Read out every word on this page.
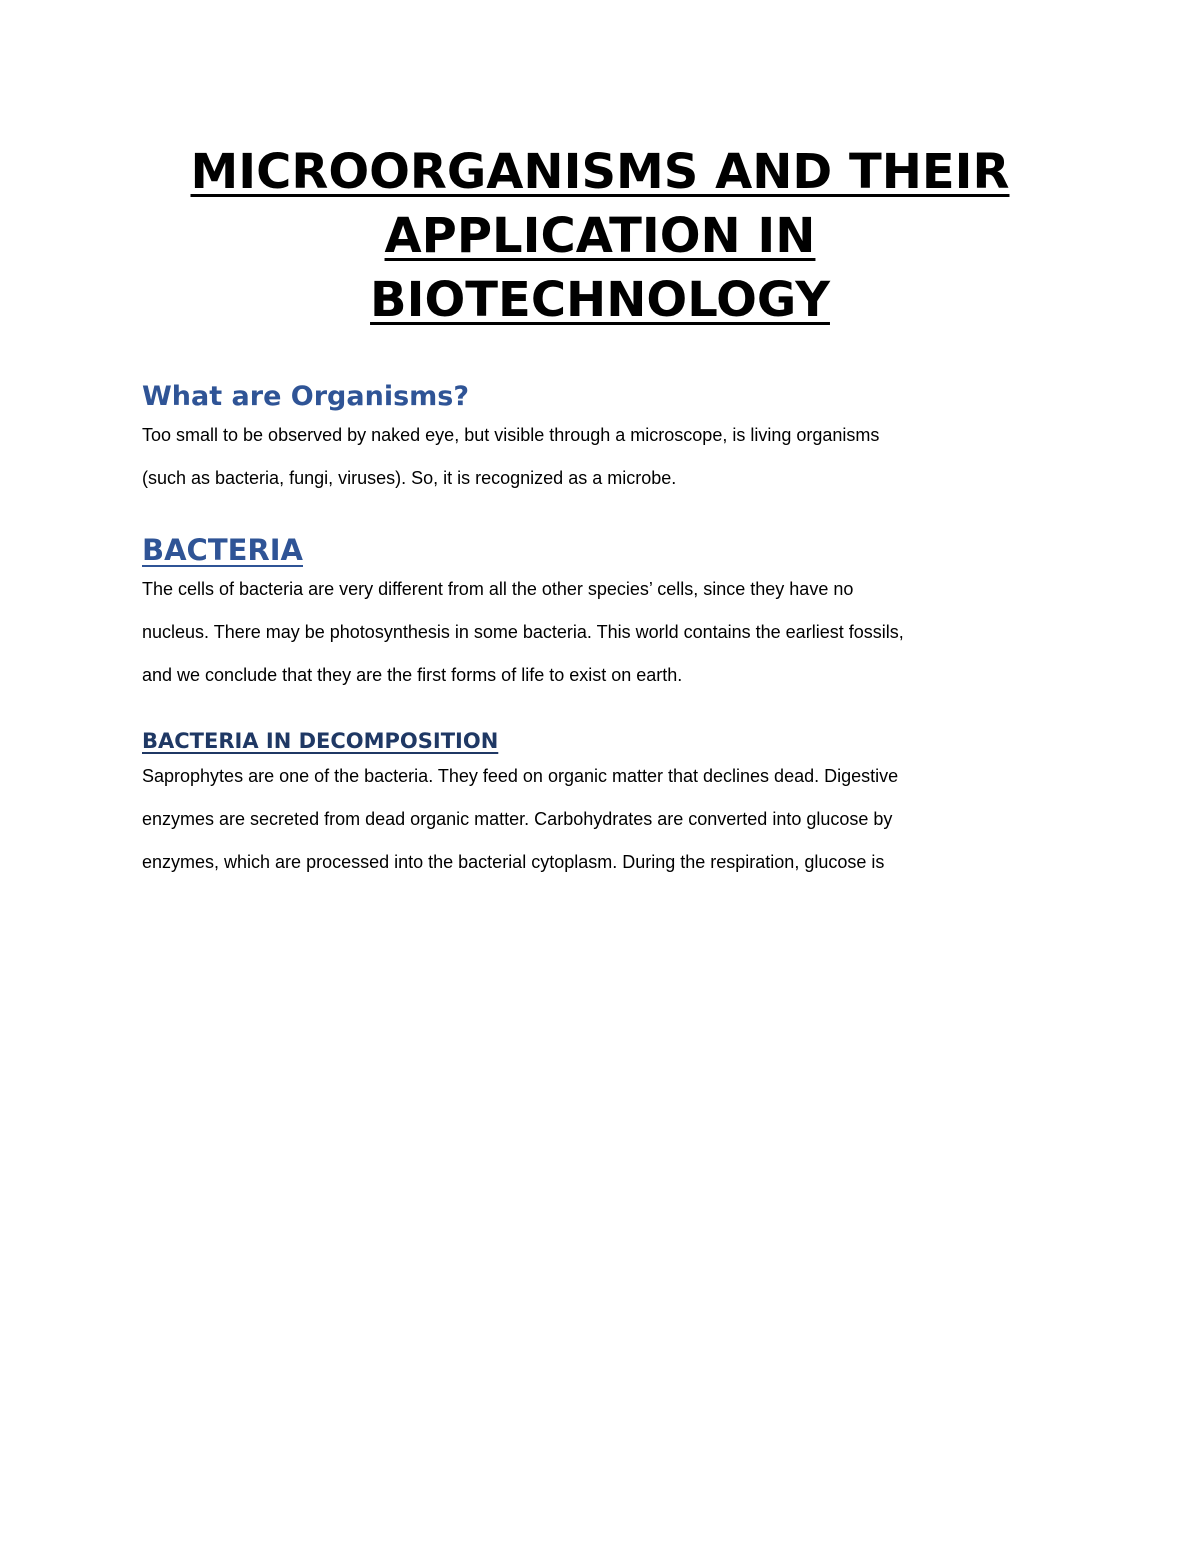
MICROORGANISMS AND THEIR
APPLICATION IN
BIOTECHNOLOGY
What are Organisms?

Too small to be observed by naked eye, but visible through a microscope, is living organisms
(such as bacteria, fungi, viruses). So, it is recognized as a microbe.

BACTERIA

The cells of bacteria are very different from all the other species’ cells, since they have no
nucleus. There may be photosynthesis in some bacteria. This world contains the earliest fossils,
and we conclude that they are the first forms of life to exist on earth.

BACTERIA IN DECOMPOSITION

Saprophytes are one of the bacteria. They feed on organic matter that declines dead. Digestive
enzymes are secreted from dead organic matter. Carbohydrates are converted into glucose by
enzymes, which are processed into the bacterial cytoplasm. During the respiration, glucose is
